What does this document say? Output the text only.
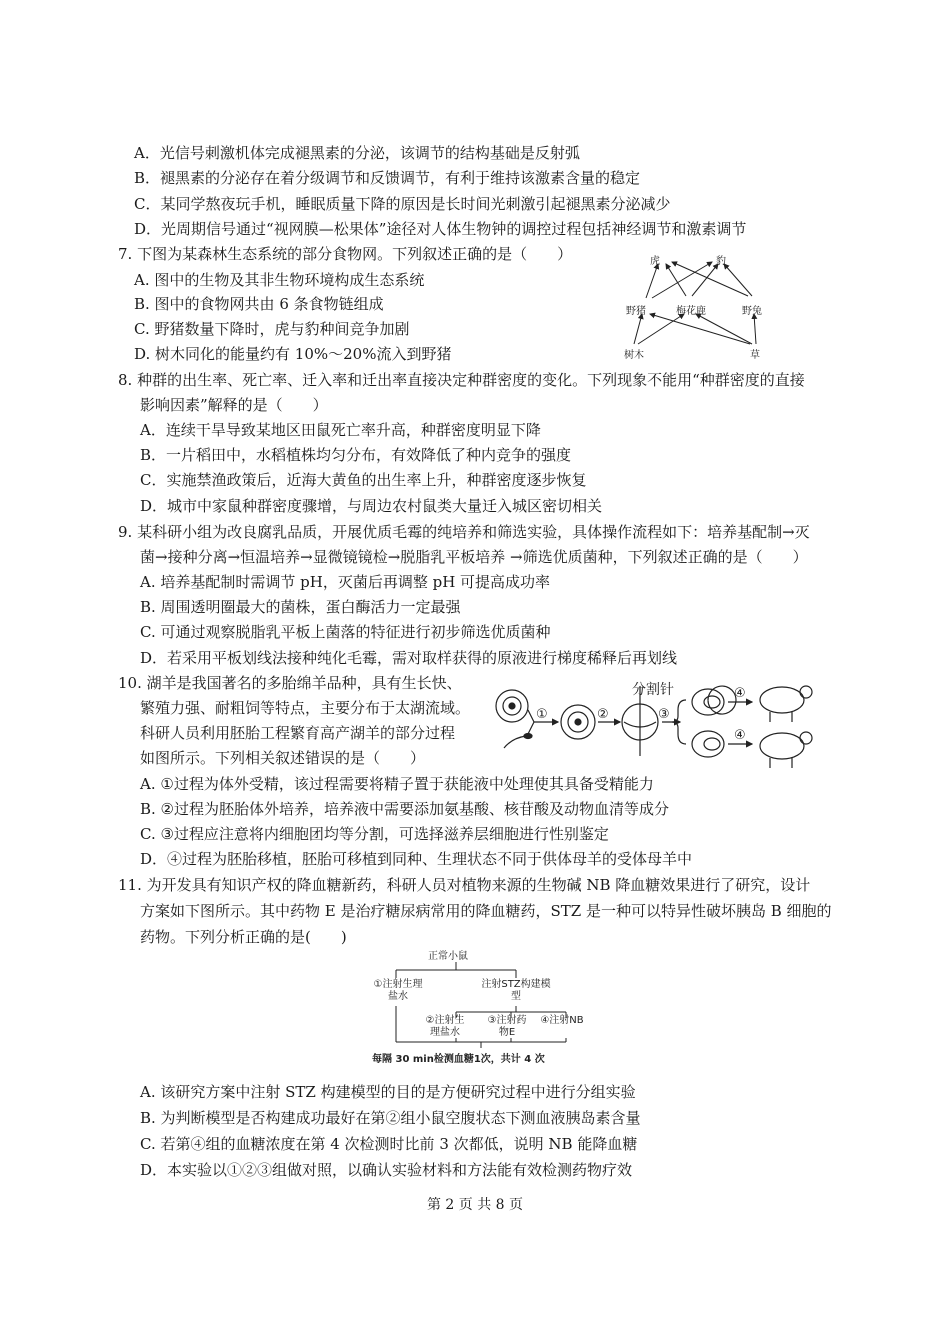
A．光信号刺激机体完成褪黑素的分泌，该调节的结构基础是反射弧
B．褪黑素的分泌存在着分级调节和反馈调节，有利于维持该激素含量的稳定
C．某同学熬夜玩手机，睡眠质量下降的原因是长时间光刺激引起褪黑素分泌减少
D．光周期信号通过“视网膜—松果体”途径对人体生物钟的调控过程包括神经调节和激素调节
7. 下图为某森林生态系统的部分食物网。下列叙述正确的是（　　）
A. 图中的生物及其非生物环境构成生态系统
B. 图中的食物网共由 6 条食物链组成
C. 野猪数量下降时，虎与豹种间竞争加剧
D. 树木同化的能量约有 10%～20%流入到野猪
虎	豹
野猪	梅花鹿	野兔
树木	草
8. 种群的出生率、死亡率、迁入率和迁出率直接决定种群密度的变化。下列现象不能用“种群密度的直接
影响因素”解释的是（　　）
A．连续干旱导致某地区田鼠死亡率升高，种群密度明显下降
B．一片稻田中，水稻植株均匀分布，有效降低了种内竞争的强度
C．实施禁渔政策后，近海大黄鱼的出生率上升，种群密度逐步恢复
D．城市中家鼠种群密度骤增，与周边农村鼠类大量迁入城区密切相关
9. 某科研小组为改良腐乳品质，开展优质毛霉的纯培养和筛选实验，具体操作流程如下：培养基配制→灭
菌→接种分离→恒温培养→显微镜镜检→脱脂乳平板培养 →筛选优质菌种，下列叙述正确的是（　　）
A. 培养基配制时需调节 pH，灭菌后再调整 pH 可提高成功率
B. 周围透明圈最大的菌株，蛋白酶活力一定最强
C. 可通过观察脱脂乳平板上菌落的特征进行初步筛选优质菌种
D．若采用平板划线法接种纯化毛霉，需对取样获得的原液进行梯度稀释后再划线
10. 湖羊是我国著名的多胎绵羊品种，具有生长快、
繁殖力强、耐粗饲等特点，主要分布于太湖流域。
科研人员利用胚胎工程繁育高产湖羊的部分过程
如图所示。下列相关叙述错误的是（　　）
分割针
①	②	③
④
④
A. ①过程为体外受精，该过程需要将精子置于获能液中处理使其具备受精能力
B. ②过程为胚胎体外培养，培养液中需要添加氨基酸、核苷酸及动物血清等成分
C. ③过程应注意将内细胞团均等分割，可选择滋养层细胞进行性别鉴定
D．④过程为胚胎移植，胚胎可移植到同种、生理状态不同于供体母羊的受体母羊中
11. 为开发具有知识产权的降血糖新药，科研人员对植物来源的生物碱 NB 降血糖效果进行了研究，设计
方案如下图所示。其中药物 E 是治疗糖尿病常用的降血糖药，STZ 是一种可以特异性破坏胰岛 B 细胞的
药物。下列分析正确的是(　　)
正常小鼠
①注射生理盐水
注射STZ构建模型
②注射生理盐水
③注射药物E
④注射NB
每隔 30 min检测血糖1次，共计 4 次
A. 该研究方案中注射 STZ 构建模型的目的是方便研究过程中进行分组实验
B. 为判断模型是否构建成功最好在第②组小鼠空腹状态下测血液胰岛素含量
C. 若第④组的血糖浓度在第 4 次检测时比前 3 次都低，说明 NB 能降血糖
D．本实验以①②③组做对照，以确认实验材料和方法能有效检测药物疗效
第 2 页 共 8 页
